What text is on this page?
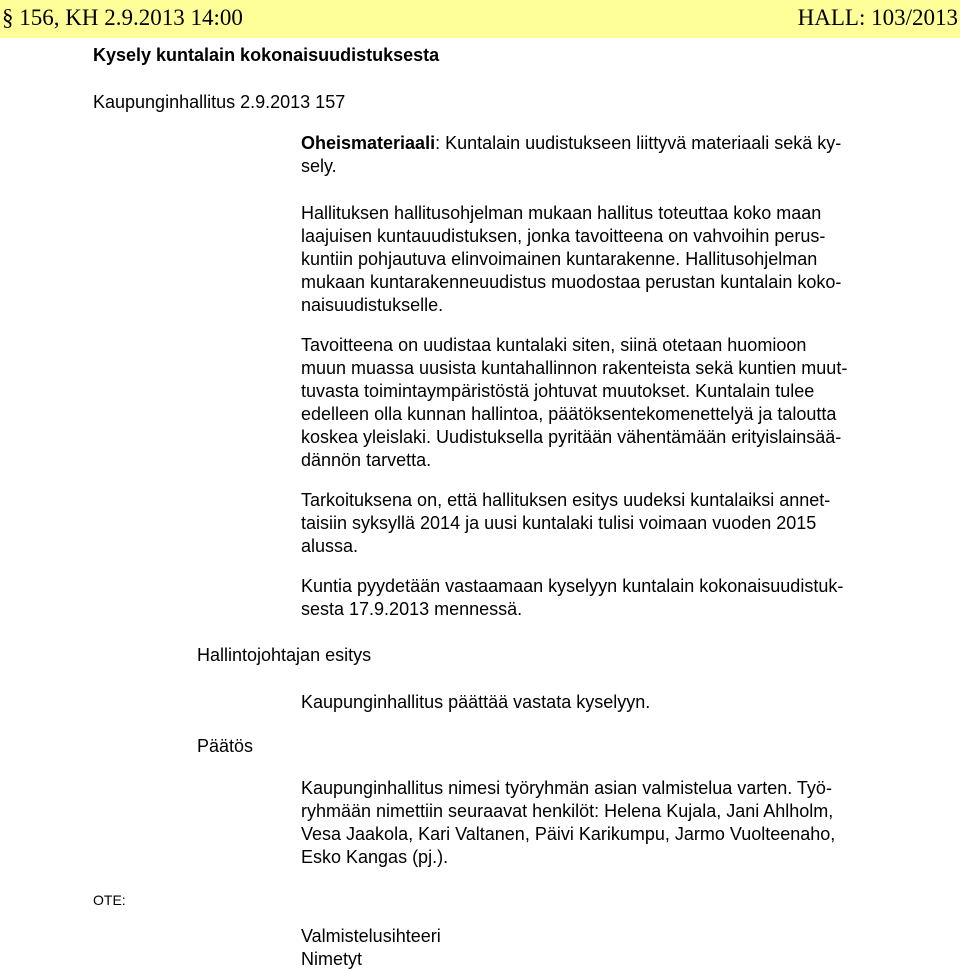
§ 156, KH 2.9.2013 14:00	HALL: 103/2013
Kysely kuntalain kokonaisuudistuksesta
Kaupunginhallitus 2.9.2013 157
Oheismateriaali: Kuntalain uudistukseen liittyvä materiaali sekä ky-
sely.
Hallituksen hallitusohjelman mukaan hallitus toteuttaa koko maan
laajuisen kuntauudistuksen, jonka tavoitteena on vahvoihin perus-
kuntiin pohjautuva elinvoimainen kuntarakenne. Hallitusohjelman
mukaan kuntarakenneuudistus muodostaa perustan kuntalain koko-
naisuudistukselle.
Tavoitteena on uudistaa kuntalaki siten, siinä otetaan huomioon
muun muassa uusista kuntahallinnon rakenteista sekä kuntien muut-
tuvasta toimintaympäristöstä johtuvat muutokset. Kuntalain tulee
edelleen olla kunnan hallintoa, päätöksentekomenettelyä ja taloutta
koskea yleislaki. Uudistuksella pyritään vähentämään erityislainsää-
dännön tarvetta.
Tarkoituksena on, että hallituksen esitys uudeksi kuntalaiksi annet-
taisiin syksyllä 2014 ja uusi kuntalaki tulisi voimaan vuoden 2015
alussa.
Kuntia pyydetään vastaamaan kyselyyn kuntalain kokonaisuudistuk-
sesta 17.9.2013 mennessä.
Hallintojohtajan esitys
Kaupunginhallitus päättää vastata kyselyyn.
Päätös
Kaupunginhallitus nimesi työryhmän asian valmistelua varten. Työ-
ryhmään nimettiin seuraavat henkilöt: Helena Kujala, Jani Ahlholm,
Vesa Jaakola, Kari Valtanen, Päivi Karikumpu, Jarmo Vuolteenaho,
Esko Kangas (pj.).
OTE:
Valmistelusihteeri
Nimetyt
